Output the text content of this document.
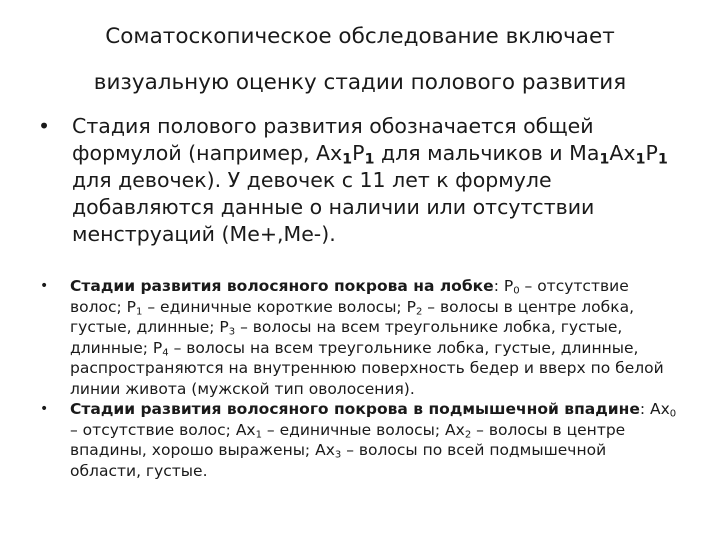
Соматоскопическое обследование включает
визуальную оценку стадии полового развития
• Стадия полового развития обозначается общей формулой (например, $Ах_1Р_1$ для мальчиков и $Ма_1Ах_1Р_1$ для девочек). У девочек с 11 лет к формуле добавляются данные о наличии или отсутствии менструаций (Ме+,Ме-).
• Стадии развития волосяного покрова на лобке: $Р_0$ – отсутствие волос; $Р_1$ – единичные короткие волосы; $Р_2$ – волосы в центре лобка, густые, длинные; $Р_3$ – волосы на всем треугольнике лобка, густые, длинные; $Р_4$ – волосы на всем треугольнике лобка, густые, длинные, распространяются на внутреннюю поверхность бедер и вверх по белой линии живота (мужской тип оволосения).
• Стадии развития волосяного покрова в подмышечной впадине: $Ах_0$ – отсутствие волос; $Ах_1$ – единичные волосы; $Ах_2$ – волосы в центре впадины, хорошо выражены; $Ах_3$ – волосы по всей подмышечной области, густые.
